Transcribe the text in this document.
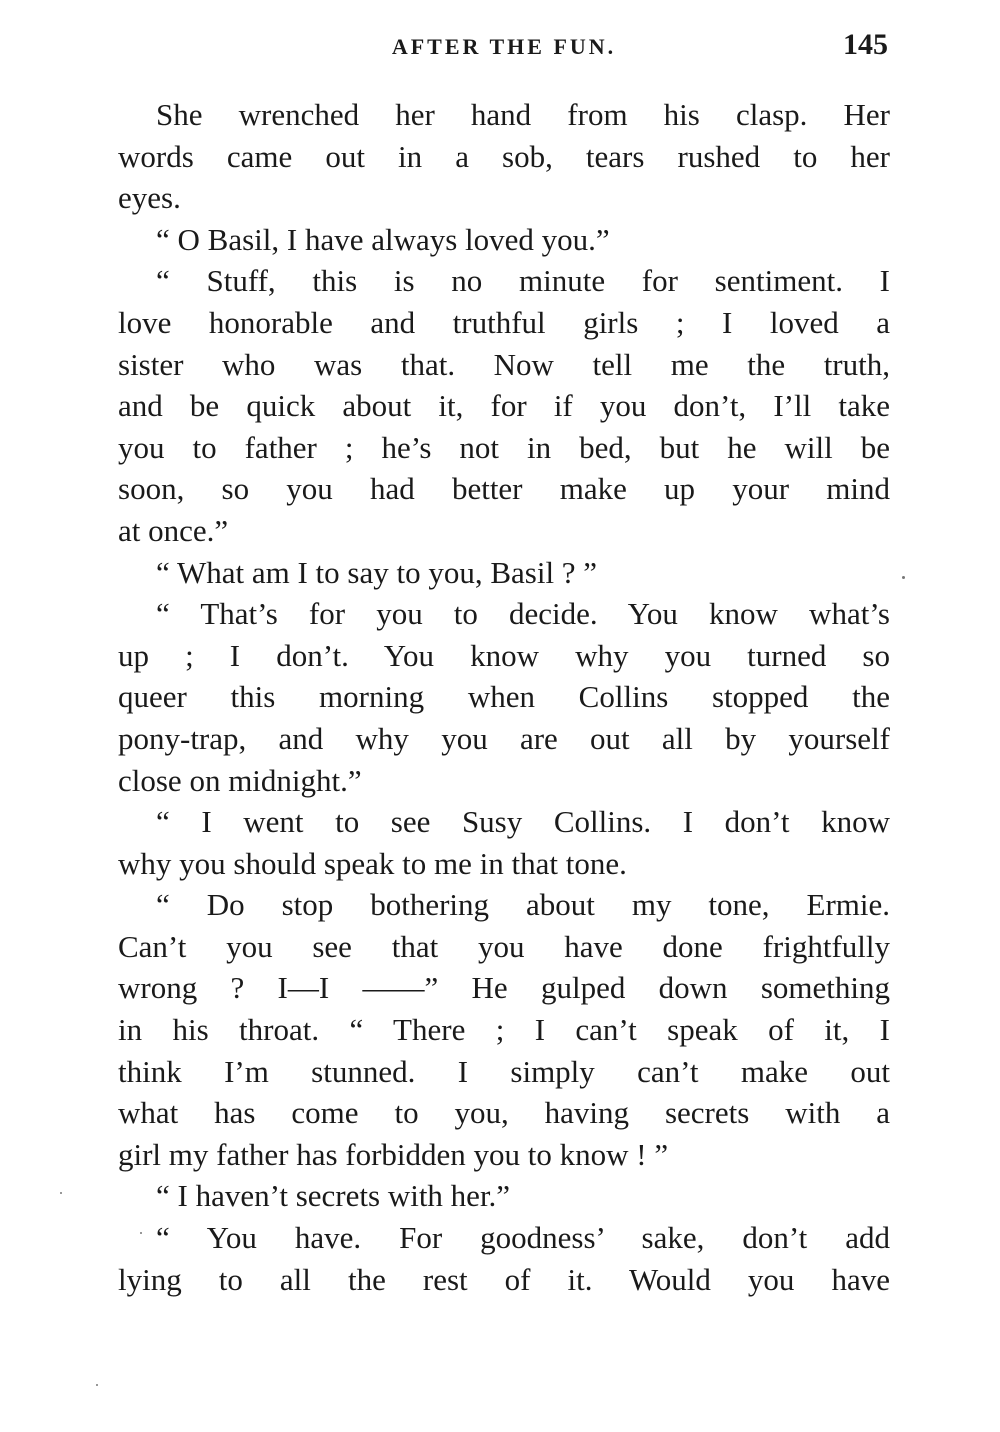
AFTER THE FUN.	145
She wrenched her hand from his clasp. Her
words came out in a sob, tears rushed to her
eyes.
“ O Basil, I have always loved you.”
“ Stuff, this is no minute for sentiment. I
love honorable and truthful girls ; I loved a
sister who was that. Now tell me the truth,
and be quick about it, for if you don’t, I’ll take
you to father ; he’s not in bed, but he will be
soon, so you had better make up your mind
at once.”
“ What am I to say to you, Basil ? ”
“ That’s for you to decide. You know what’s
up ; I don’t. You know why you turned so
queer this morning when Collins stopped the
pony-trap, and why you are out all by yourself
close on midnight.”
“ I went to see Susy Collins. I don’t know
why you should speak to me in that tone.
“ Do stop bothering about my tone, Ermie.
Can’t you see that you have done frightfully
wrong ? I—I ——” He gulped down something
in his throat. “ There ; I can’t speak of it, I
think I’m stunned. I simply can’t make out
what has come to you, having secrets with a
girl my father has forbidden you to know ! ”
“ I haven’t secrets with her.”
“ You have. For goodness’ sake, don’t add
lying to all the rest of it. Would you have
